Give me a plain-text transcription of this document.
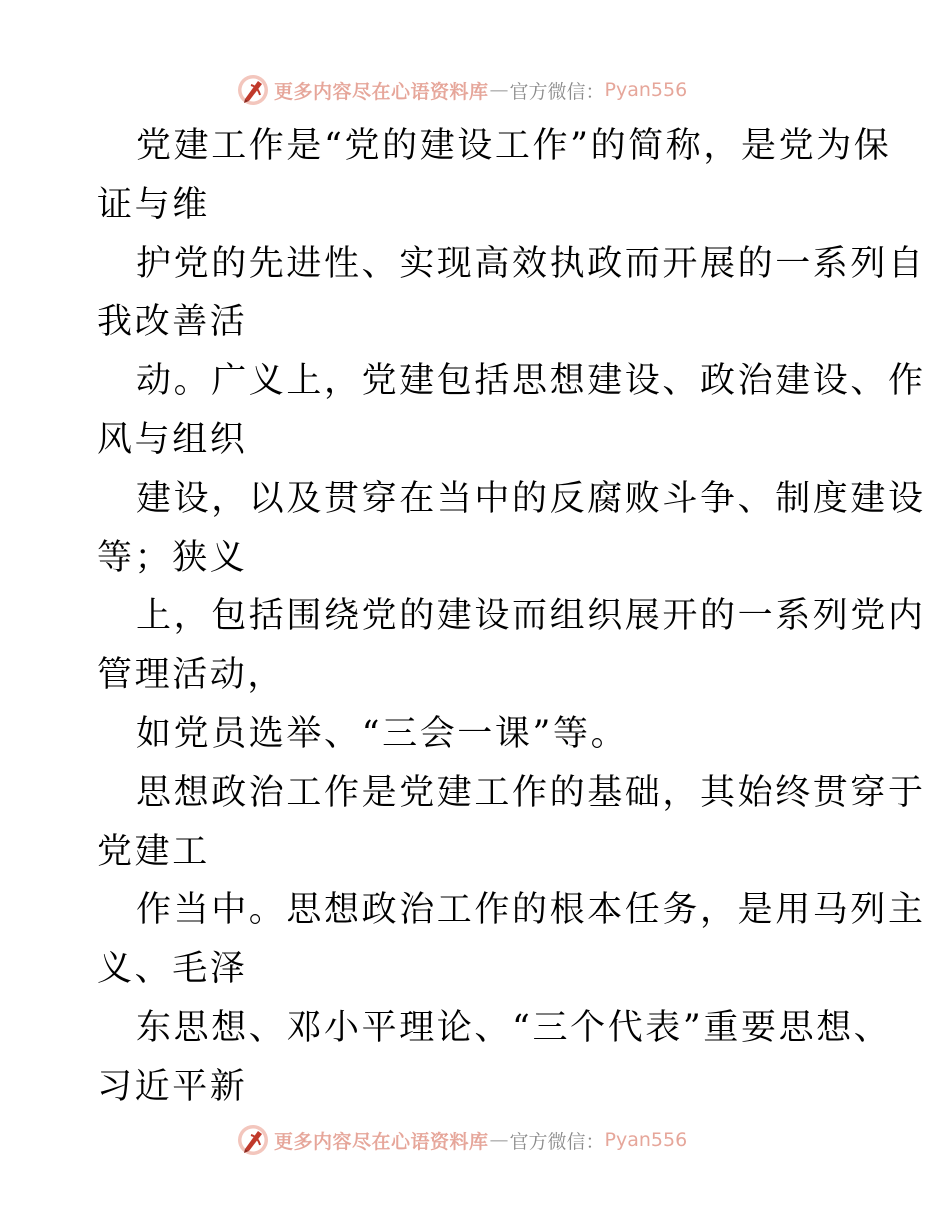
更多内容尽在心语资料库 — 官方微信： Pyan556
党建工作是“党的建设工作”的简称，是党为保
证与维
护党的先进性、实现高效执政而开展的一系列自
我改善活
动。广义上，党建包括思想建设、政治建设、作
风与组织
建设，以及贯穿在当中的反腐败斗争、制度建设
等；狭义
上，包括围绕党的建设而组织展开的一系列党内
管理活动，
如党员选举、“三会一课”等。
思想政治工作是党建工作的基础，其始终贯穿于
党建工
作当中。思想政治工作的根本任务，是用马列主
义、毛泽
东思想、邓小平理论、“三个代表”重要思想、
习近平新
更多内容尽在心语资料库 — 官方微信： Pyan556
